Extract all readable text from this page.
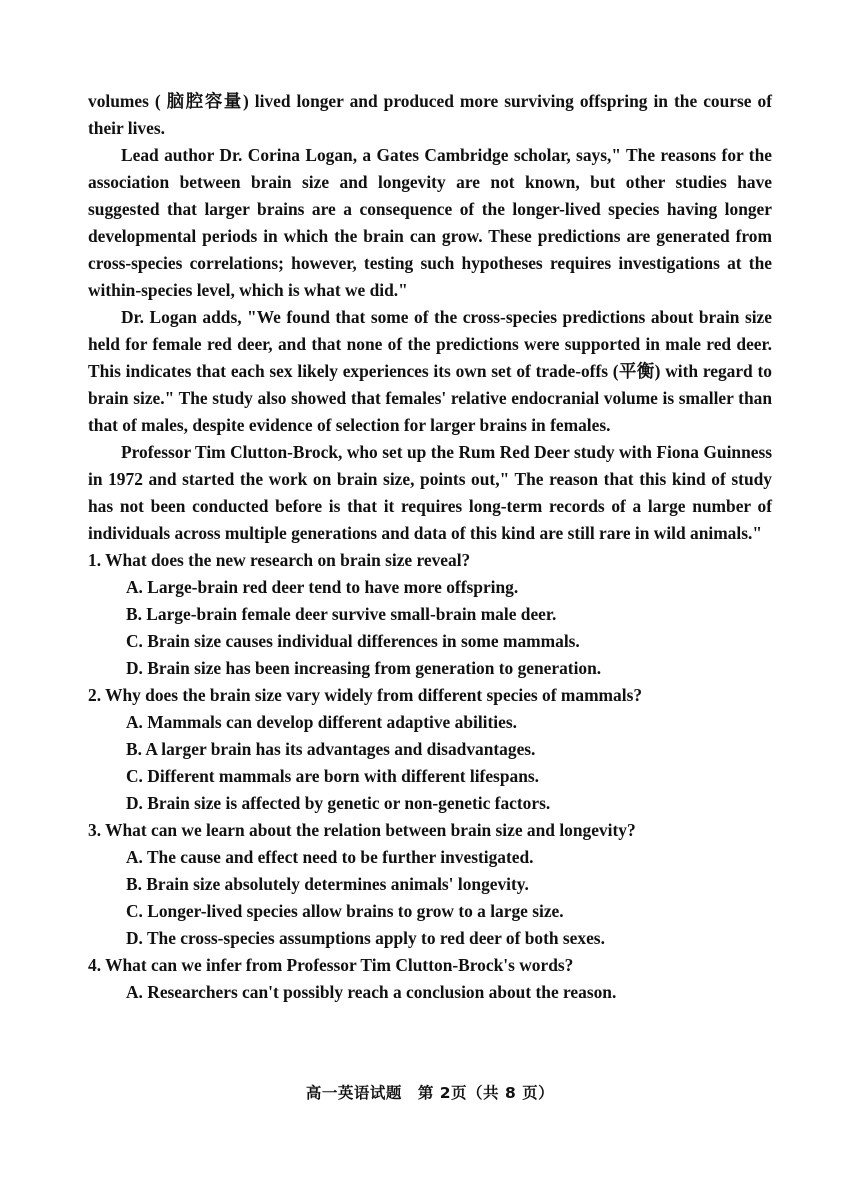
volumes ( 脑腔容量) lived longer and produced more surviving offspring in the course of their lives.

Lead author Dr. Corina Logan, a Gates Cambridge scholar, says," The reasons for the association between brain size and longevity are not known, but other studies have suggested that larger brains are a consequence of the longer-lived species having longer developmental periods in which the brain can grow. These predictions are generated from cross-species correlations; however, testing such hypotheses requires investigations at the within-species level, which is what we did."

Dr. Logan adds, "We found that some of the cross-species predictions about brain size held for female red deer, and that none of the predictions were supported in male red deer. This indicates that each sex likely experiences its own set of trade-offs (平衡) with regard to brain size." The study also showed that females' relative endocranial volume is smaller than that of males, despite evidence of selection for larger brains in females.

Professor Tim Clutton-Brock, who set up the Rum Red Deer study with Fiona Guinness in 1972 and started the work on brain size, points out," The reason that this kind of study has not been conducted before is that it requires long-term records of a large number of individuals across multiple generations and data of this kind are still rare in wild animals."

1. What does the new research on brain size reveal?

A. Large-brain red deer tend to have more offspring.

B. Large-brain female deer survive small-brain male deer.

C. Brain size causes individual differences in some mammals.

D. Brain size has been increasing from generation to generation.

2. Why does the brain size vary widely from different species of mammals?

A. Mammals can develop different adaptive abilities.

B. A larger brain has its advantages and disadvantages.

C. Different mammals are born with different lifespans.

D. Brain size is affected by genetic or non-genetic factors.

3. What can we learn about the relation between brain size and longevity?

A. The cause and effect need to be further investigated.

B. Brain size absolutely determines animals' longevity.

C. Longer-lived species allow brains to grow to a large size.

D. The cross-species assumptions apply to red deer of both sexes.

4. What can we infer from Professor Tim Clutton-Brock's words?

A. Researchers can't possibly reach a conclusion about the reason.

高一英语试题　第 2页（共 8 页）
